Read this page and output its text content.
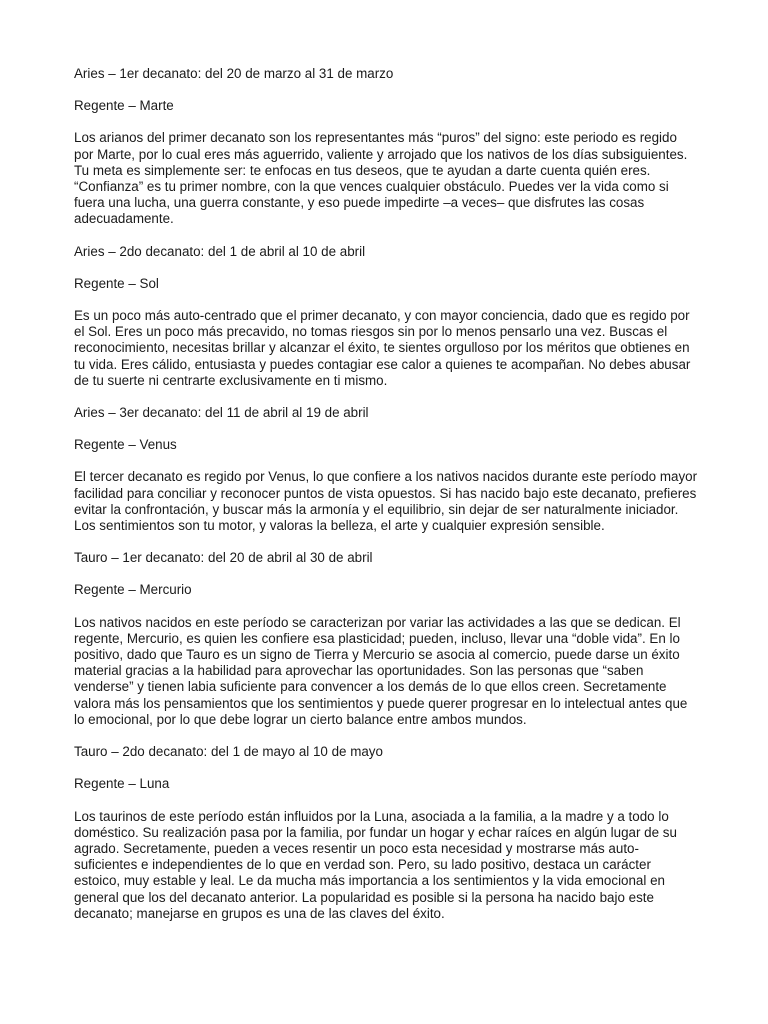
Aries – 1er decanato: del 20 de marzo al 31 de marzo

Regente – Marte

Los arianos del primer decanato son los representantes más “puros” del signo: este periodo es regido por Marte, por lo cual eres más aguerrido, valiente y arrojado que los nativos de los días subsiguientes. Tu meta es simplemente ser: te enfocas en tus deseos, que te ayudan a darte cuenta quién eres. “Confianza” es tu primer nombre, con la que vences cualquier obstáculo. Puedes ver la vida como si fuera una lucha, una guerra constante, y eso puede impedirte –a veces– que disfrutes las cosas adecuadamente.

Aries – 2do decanato: del 1 de abril al 10 de abril

Regente – Sol

Es un poco más auto-centrado que el primer decanato, y con mayor conciencia, dado que es regido por el Sol. Eres un poco más precavido, no tomas riesgos sin por lo menos pensarlo una vez. Buscas el reconocimiento, necesitas brillar y alcanzar el éxito, te sientes orgulloso por los méritos que obtienes en tu vida. Eres cálido, entusiasta y puedes contagiar ese calor a quienes te acompañan. No debes abusar de tu suerte ni centrarte exclusivamente en ti mismo.

Aries – 3er decanato: del 11 de abril al 19 de abril

Regente – Venus

El tercer decanato es regido por Venus, lo que confiere a los nativos nacidos durante este período mayor facilidad para conciliar y reconocer puntos de vista opuestos. Si has nacido bajo este decanato, prefieres evitar la confrontación, y buscar más la armonía y el equilibrio, sin dejar de ser naturalmente iniciador. Los sentimientos son tu motor, y valoras la belleza, el arte y cualquier expresión sensible.

Tauro – 1er decanato: del 20 de abril al 30 de abril

Regente – Mercurio

Los nativos nacidos en este período se caracterizan por variar las actividades a las que se dedican. El regente, Mercurio, es quien les confiere esa plasticidad; pueden, incluso, llevar una “doble vida”. En lo positivo, dado que Tauro es un signo de Tierra y Mercurio se asocia al comercio, puede darse un éxito material gracias a la habilidad para aprovechar las oportunidades. Son las personas que “saben venderse” y tienen labia suficiente para convencer a los demás de lo que ellos creen. Secretamente valora más los pensamientos que los sentimientos y puede querer progresar en lo intelectual antes que lo emocional, por lo que debe lograr un cierto balance entre ambos mundos.

Tauro – 2do decanato: del 1 de mayo al 10 de mayo

Regente – Luna

Los taurinos de este período están influidos por la Luna, asociada a la familia, a la madre y a todo lo doméstico. Su realización pasa por la familia, por fundar un hogar y echar raíces en algún lugar de su agrado. Secretamente, pueden a veces resentir un poco esta necesidad y mostrarse más auto-suficientes e independientes de lo que en verdad son. Pero, su lado positivo, destaca un carácter estoico, muy estable y leal. Le da mucha más importancia a los sentimientos y la vida emocional en general que los del decanato anterior. La popularidad es posible si la persona ha nacido bajo este decanato; manejarse en grupos es una de las claves del éxito.
